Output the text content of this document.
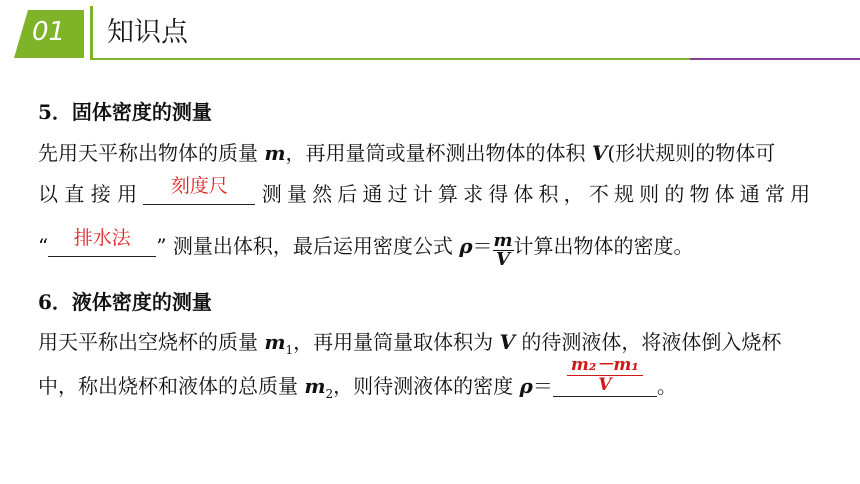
01 知识点
5．固体密度的测量
先用天平称出物体的质量 m，再用量筒或量杯测出物体的体积 V(形状规则的物体可
以 直 接 用	刻度尺	测 量 然 后 通 过 计 算 求 得 体 积 ， 不 规 则 的 物 体 通 常 用
“	排水法	” 测量出体积，最后运用密度公式 $\rho= \frac{m}{V}$ 计算出物体的密度。
6．液体密度的测量
用天平称出空烧杯的质量 $m_1$，再用量筒量取体积为 V 的待测液体，将液体倒入烧杯
中，称出烧杯和液体的总质量 $m_2$，则待测液体的密度 $\rho= \frac{\text{m₂－m₁}}{V}$ 。
